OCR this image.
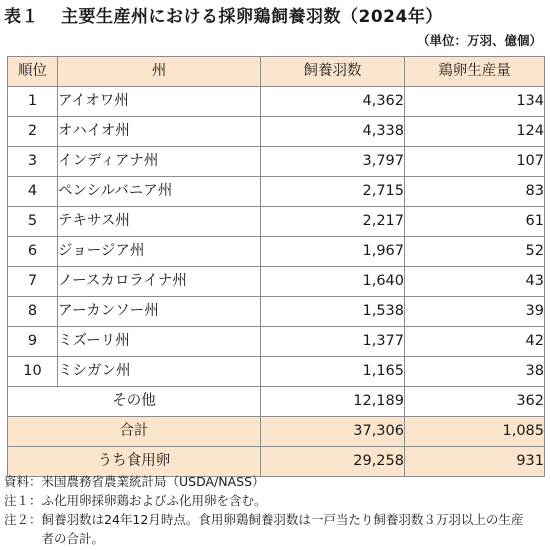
表１ 主要生産州における採卵鶏飼養羽数（2024年）
（単位：万羽、億個）
順位	州	飼養羽数	鶏卵生産量
1	アイオワ州	4,362	134
2	オハイオ州	4,338	124
3	インディアナ州	3,797	107
4	ペンシルバニア州	2,715	83
5	テキサス州	2,217	61
6	ジョージア州	1,967	52
7	ノースカロライナ州	1,640	43
8	アーカンソー州	1,538	39
9	ミズーリ州	1,377	42
10	ミシガン州	1,165	38
その他		12,189	362
合計		37,306	1,085
うち食用卵		29,258	931
資料： 米国農務省農業統計局（USDA/NASS）
注１： ふ化用卵採卵鶏およびふ化用卵を含む。
注２： 飼養羽数は24年12月時点。食用卵鶏飼養羽数は一戸当たり飼養羽数３万羽以上の生産者の合計。
